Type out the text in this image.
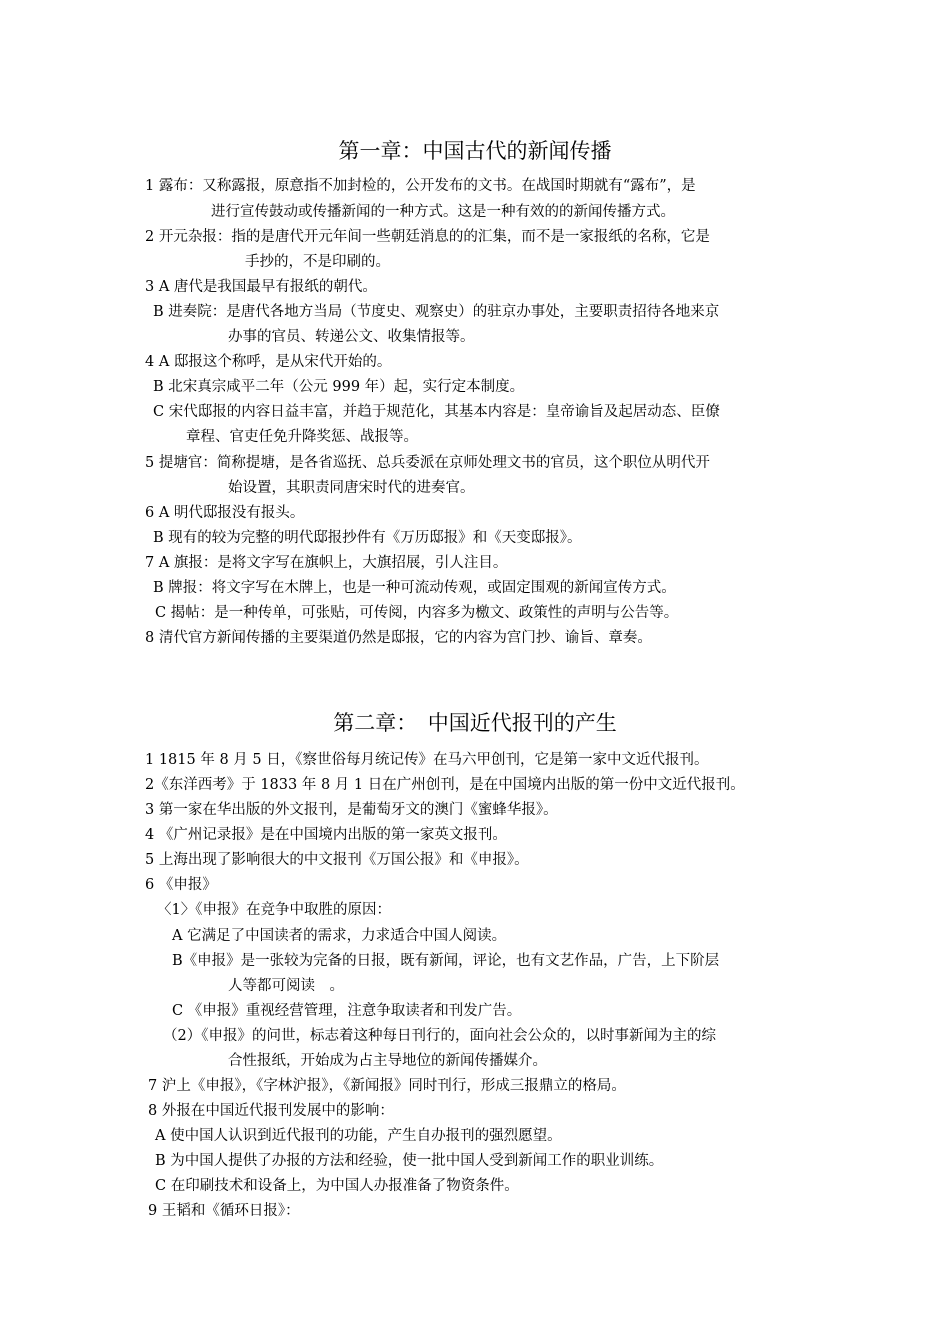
第一章：中国古代的新闻传播
1 露布：又称露报，原意指不加封检的，公开发布的文书。在战国时期就有“露布”，是
进行宣传鼓动或传播新闻的一种方式。这是一种有效的的新闻传播方式。
2 开元杂报：指的是唐代开元年间一些朝廷消息的的汇集，而不是一家报纸的名称，它是
手抄的，不是印刷的。
3 A 唐代是我国最早有报纸的朝代。
B 进奏院：是唐代各地方当局（节度史、观察史）的驻京办事处，主要职责招待各地来京
办事的官员、转递公文、收集情报等。
4 A 邸报这个称呼，是从宋代开始的。
B 北宋真宗咸平二年（公元 999 年）起，实行定本制度。
C 宋代邸报的内容日益丰富，并趋于规范化，其基本内容是：皇帝谕旨及起居动态、臣僚
章程、官吏任免升降奖惩、战报等。
5 提塘官：简称提塘，是各省巡抚、总兵委派在京师处理文书的官员，这个职位从明代开
始设置，其职责同唐宋时代的进奏官。
6 A 明代邸报没有报头。
B 现有的较为完整的明代邸报抄件有《万历邸报》和《天变邸报》。
7 A 旗报：是将文字写在旗帜上，大旗招展，引人注目。
B 牌报：将文字写在木牌上，也是一种可流动传观，或固定围观的新闻宣传方式。
C 揭帖：是一种传单，可张贴，可传阅，内容多为檄文、政策性的声明与公告等。
8 清代官方新闻传播的主要渠道仍然是邸报，它的内容为宫门抄、谕旨、章奏。
第二章：　中国近代报刊的产生
1 1815 年 8 月 5 日，《察世俗每月统记传》在马六甲创刊，它是第一家中文近代报刊。
2《东洋西考》于 1833 年 8 月 1 日在广州创刊，是在中国境内出版的第一份中文近代报刊。
3 第一家在华出版的外文报刊，是葡萄牙文的澳门《蜜蜂华报》。
4 《广州记录报》是在中国境内出版的第一家英文报刊。
5 上海出现了影响很大的中文报刊《万国公报》和《申报》。
6 《申报》
〈1〉《申报》在竞争中取胜的原因：
A 它满足了中国读者的需求，力求适合中国人阅读。
B《申报》是一张较为完备的日报，既有新闻，评论，也有文艺作品，广告，上下阶层
人等都可阅读　。
C 《申报》重视经营管理，注意争取读者和刊发广告。
（2）《申报》的问世，标志着这种每日刊行的，面向社会公众的，以时事新闻为主的综
合性报纸，开始成为占主导地位的新闻传播媒介。
7 沪上《申报》，《字林沪报》，《新闻报》同时刊行，形成三报鼎立的格局。
8 外报在中国近代报刊发展中的影响：
A 使中国人认识到近代报刊的功能，产生自办报刊的强烈愿望。
B 为中国人提供了办报的方法和经验，使一批中国人受到新闻工作的职业训练。
C 在印刷技术和设备上，为中国人办报准备了物资条件。
9 王韬和《循环日报》：
